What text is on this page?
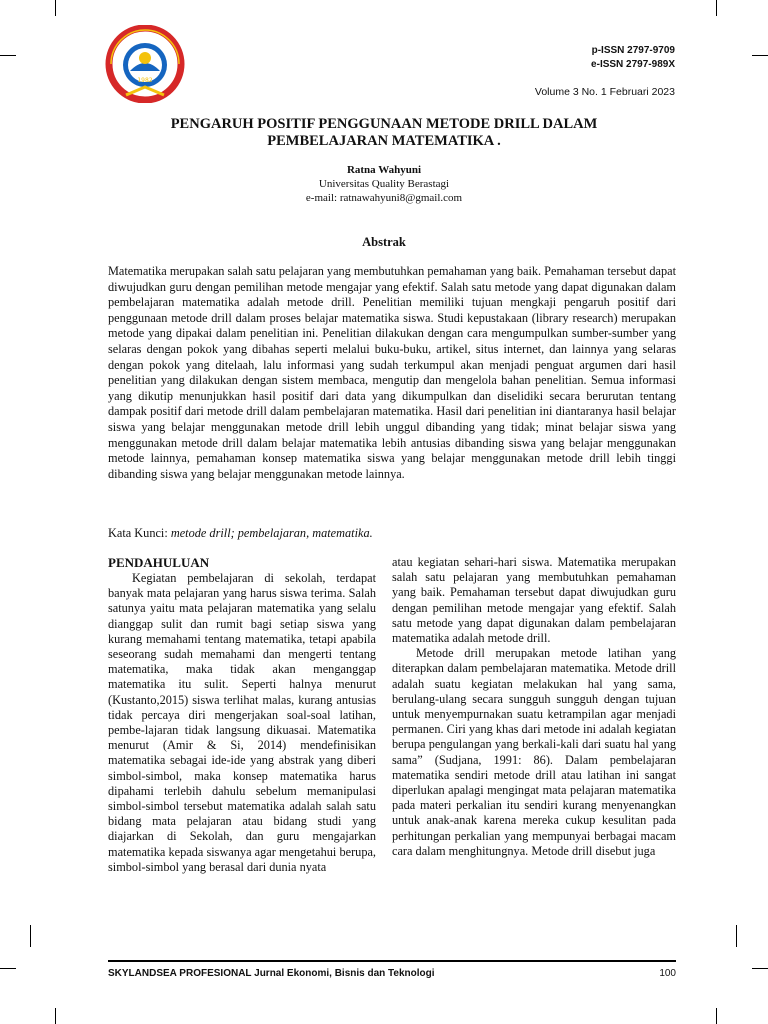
1982
p-ISSN 2797-9709
e-ISSN 2797-989X
Volume 3 No. 1 Februari 2023
PENGARUH POSITIF PENGGUNAAN METODE DRILL DALAM
PEMBELAJARAN MATEMATIKA .
Ratna Wahyuni
Universitas Quality Berastagi
e-mail: ratnawahyuni8@gmail.com
Abstrak

Matematika merupakan salah satu pelajaran yang membutuhkan pemahaman yang baik. Pemahaman tersebut dapat diwujudkan guru dengan pemilihan metode mengajar yang efektif. Salah satu metode yang dapat digunakan dalam pembelajaran matematika adalah metode drill. Penelitian memiliki tujuan mengkaji pengaruh positif dari penggunaan metode drill dalam proses belajar matematika siswa. Studi kepustakaan (library research) merupakan metode yang dipakai dalam penelitian ini. Penelitian dilakukan dengan cara mengumpulkan sumber-sumber yang selaras dengan pokok yang dibahas seperti melalui buku-buku, artikel, situs internet, dan lainnya yang selaras dengan pokok yang ditelaah, lalu informasi yang sudah terkumpul akan menjadi penguat argumen dari hasil penelitian yang dilakukan dengan sistem membaca, mengutip dan mengelola bahan penelitian. Semua informasi yang dikutip menunjukkan hasil positif dari data yang dikumpulkan dan diselidiki secara berurutan tentang dampak positif dari metode drill dalam pembelajaran matematika. Hasil dari penelitian ini diantaranya hasil belajar siswa yang belajar menggunakan metode drill lebih unggul dibanding yang tidak; minat belajar siswa yang menggunakan metode drill dalam belajar matematika lebih antusias dibanding siswa yang belajar menggunakan metode lainnya, pemahaman konsep matematika siswa yang belajar menggunakan metode drill lebih tinggi dibanding siswa yang belajar menggunakan metode lainnya.

Kata Kunci: metode drill; pembelajaran, matematika.
PENDAHULUAN

Kegiatan pembelajaran di sekolah, terdapat banyak mata pelajaran yang harus siswa terima. Salah satunya yaitu mata pelajaran matematika yang selalu dianggap sulit dan rumit bagi setiap siswa yang kurang memahami tentang matematika, tetapi apabila seseorang sudah memahami dan mengerti tentang matematika, maka tidak akan menganggap matematika itu sulit. Seperti halnya menurut (Kustanto,2015) siswa terlihat malas, kurang antusias tidak percaya diri mengerjakan soal-soal latihan, pembe-lajaran tidak langsung dikuasai. Matematika menurut (Amir & Si, 2014) mendefinisikan matematika sebagai ide-ide yang abstrak yang diberi simbol-simbol, maka konsep matematika harus dipahami terlebih dahulu sebelum memanipulasi simbol-simbol tersebut matematika adalah salah satu bidang mata pelajaran atau bidang studi yang diajarkan di Sekolah, dan guru mengajarkan matematika kepada siswanya agar mengetahui berupa, simbol-simbol yang berasal dari dunia nyata

atau kegiatan sehari-hari siswa. Matematika merupakan salah satu pelajaran yang membutuhkan pemahaman yang baik. Pemahaman tersebut dapat diwujudkan guru dengan pemilihan metode mengajar yang efektif. Salah satu metode yang dapat digunakan dalam pembelajaran matematika adalah metode drill.

Metode drill merupakan metode latihan yang diterapkan dalam pembelajaran matematika. Metode drill adalah suatu kegiatan melakukan hal yang sama, berulang-ulang secara sungguh sungguh dengan tujuan untuk menyempurnakan suatu ketrampilan agar menjadi permanen. Ciri yang khas dari metode ini adalah kegiatan berupa pengulangan yang berkali-kali dari suatu hal yang sama” (Sudjana, 1991: 86). Dalam pembelajaran matematika sendiri metode drill atau latihan ini sangat diperlukan apalagi mengingat mata pelajaran matematika pada materi perkalian itu sendiri kurang menyenangkan untuk anak-anak karena mereka cukup kesulitan pada perhitungan perkalian yang mempunyai berbagai macam cara dalam menghitungnya. Metode drill disebut juga

SKYLANDSEA PROFESIONAL Jurnal Ekonomi, Bisnis dan Teknologi	100
